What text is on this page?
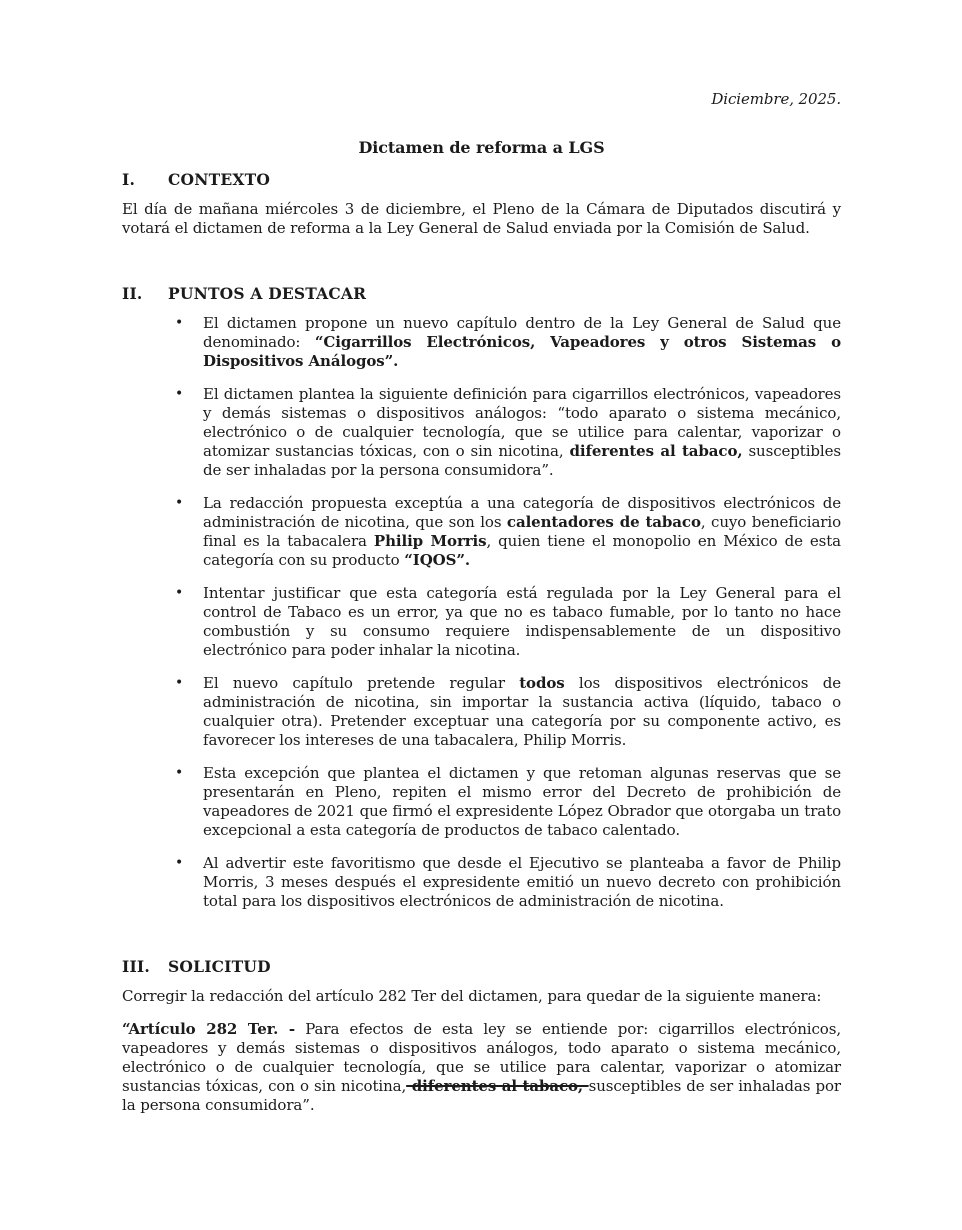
Diciembre, 2025.
Dictamen de reforma a LGS
I.	CONTEXTO
El día de mañana miércoles 3 de diciembre, el Pleno de la Cámara de Diputados discutirá y votará el dictamen de reforma a la Ley General de Salud enviada por la Comisión de Salud.
II.	PUNTOS A DESTACAR
•	El dictamen propone un nuevo capítulo dentro de la Ley General de Salud que denominado: “Cigarrillos Electrónicos, Vapeadores y otros Sistemas o Dispositivos Análogos”.
•	El dictamen plantea la siguiente definición para cigarrillos electrónicos, vapeadores y demás sistemas o dispositivos análogos: “todo aparato o sistema mecánico, electrónico o de cualquier tecnología, que se utilice para calentar, vaporizar o atomizar sustancias tóxicas, con o sin nicotina, diferentes al tabaco, susceptibles de ser inhaladas por la persona consumidora”.
•	La redacción propuesta exceptúa a una categoría de dispositivos electrónicos de administración de nicotina, que son los calentadores de tabaco, cuyo beneficiario final es la tabacalera Philip Morris, quien tiene el monopolio en México de esta categoría con su producto “IQOS”.
•	Intentar justificar que esta categoría está regulada por la Ley General para el control de Tabaco es un error, ya que no es tabaco fumable, por lo tanto no hace combustión y su consumo requiere indispensablemente de un dispositivo electrónico para poder inhalar la nicotina.
•	El nuevo capítulo pretende regular todos los dispositivos electrónicos de administración de nicotina, sin importar la sustancia activa (líquido, tabaco o cualquier otra). Pretender exceptuar una categoría por su componente activo, es favorecer los intereses de una tabacalera, Philip Morris.
•	Esta excepción que plantea el dictamen y que retoman algunas reservas que se presentarán en Pleno, repiten el mismo error del Decreto de prohibición de vapeadores de 2021 que firmó el expresidente López Obrador que otorgaba un trato excepcional a esta categoría de productos de tabaco calentado.
•	Al advertir este favoritismo que desde el Ejecutivo se planteaba a favor de Philip Morris, 3 meses después el expresidente emitió un nuevo decreto con prohibición total para los dispositivos electrónicos de administración de nicotina.
III.	SOLICITUD
Corregir la redacción del artículo 282 Ter del dictamen, para quedar de la siguiente manera:
“Artículo 282 Ter. - Para efectos de esta ley se entiende por: cigarrillos electrónicos, vapeadores y demás sistemas o dispositivos análogos, todo aparato o sistema mecánico, electrónico o de cualquier tecnología, que se utilice para calentar, vaporizar o atomizar sustancias tóxicas, con o sin nicotina, diferentes al tabaco, susceptibles de ser inhaladas por la persona consumidora”.
